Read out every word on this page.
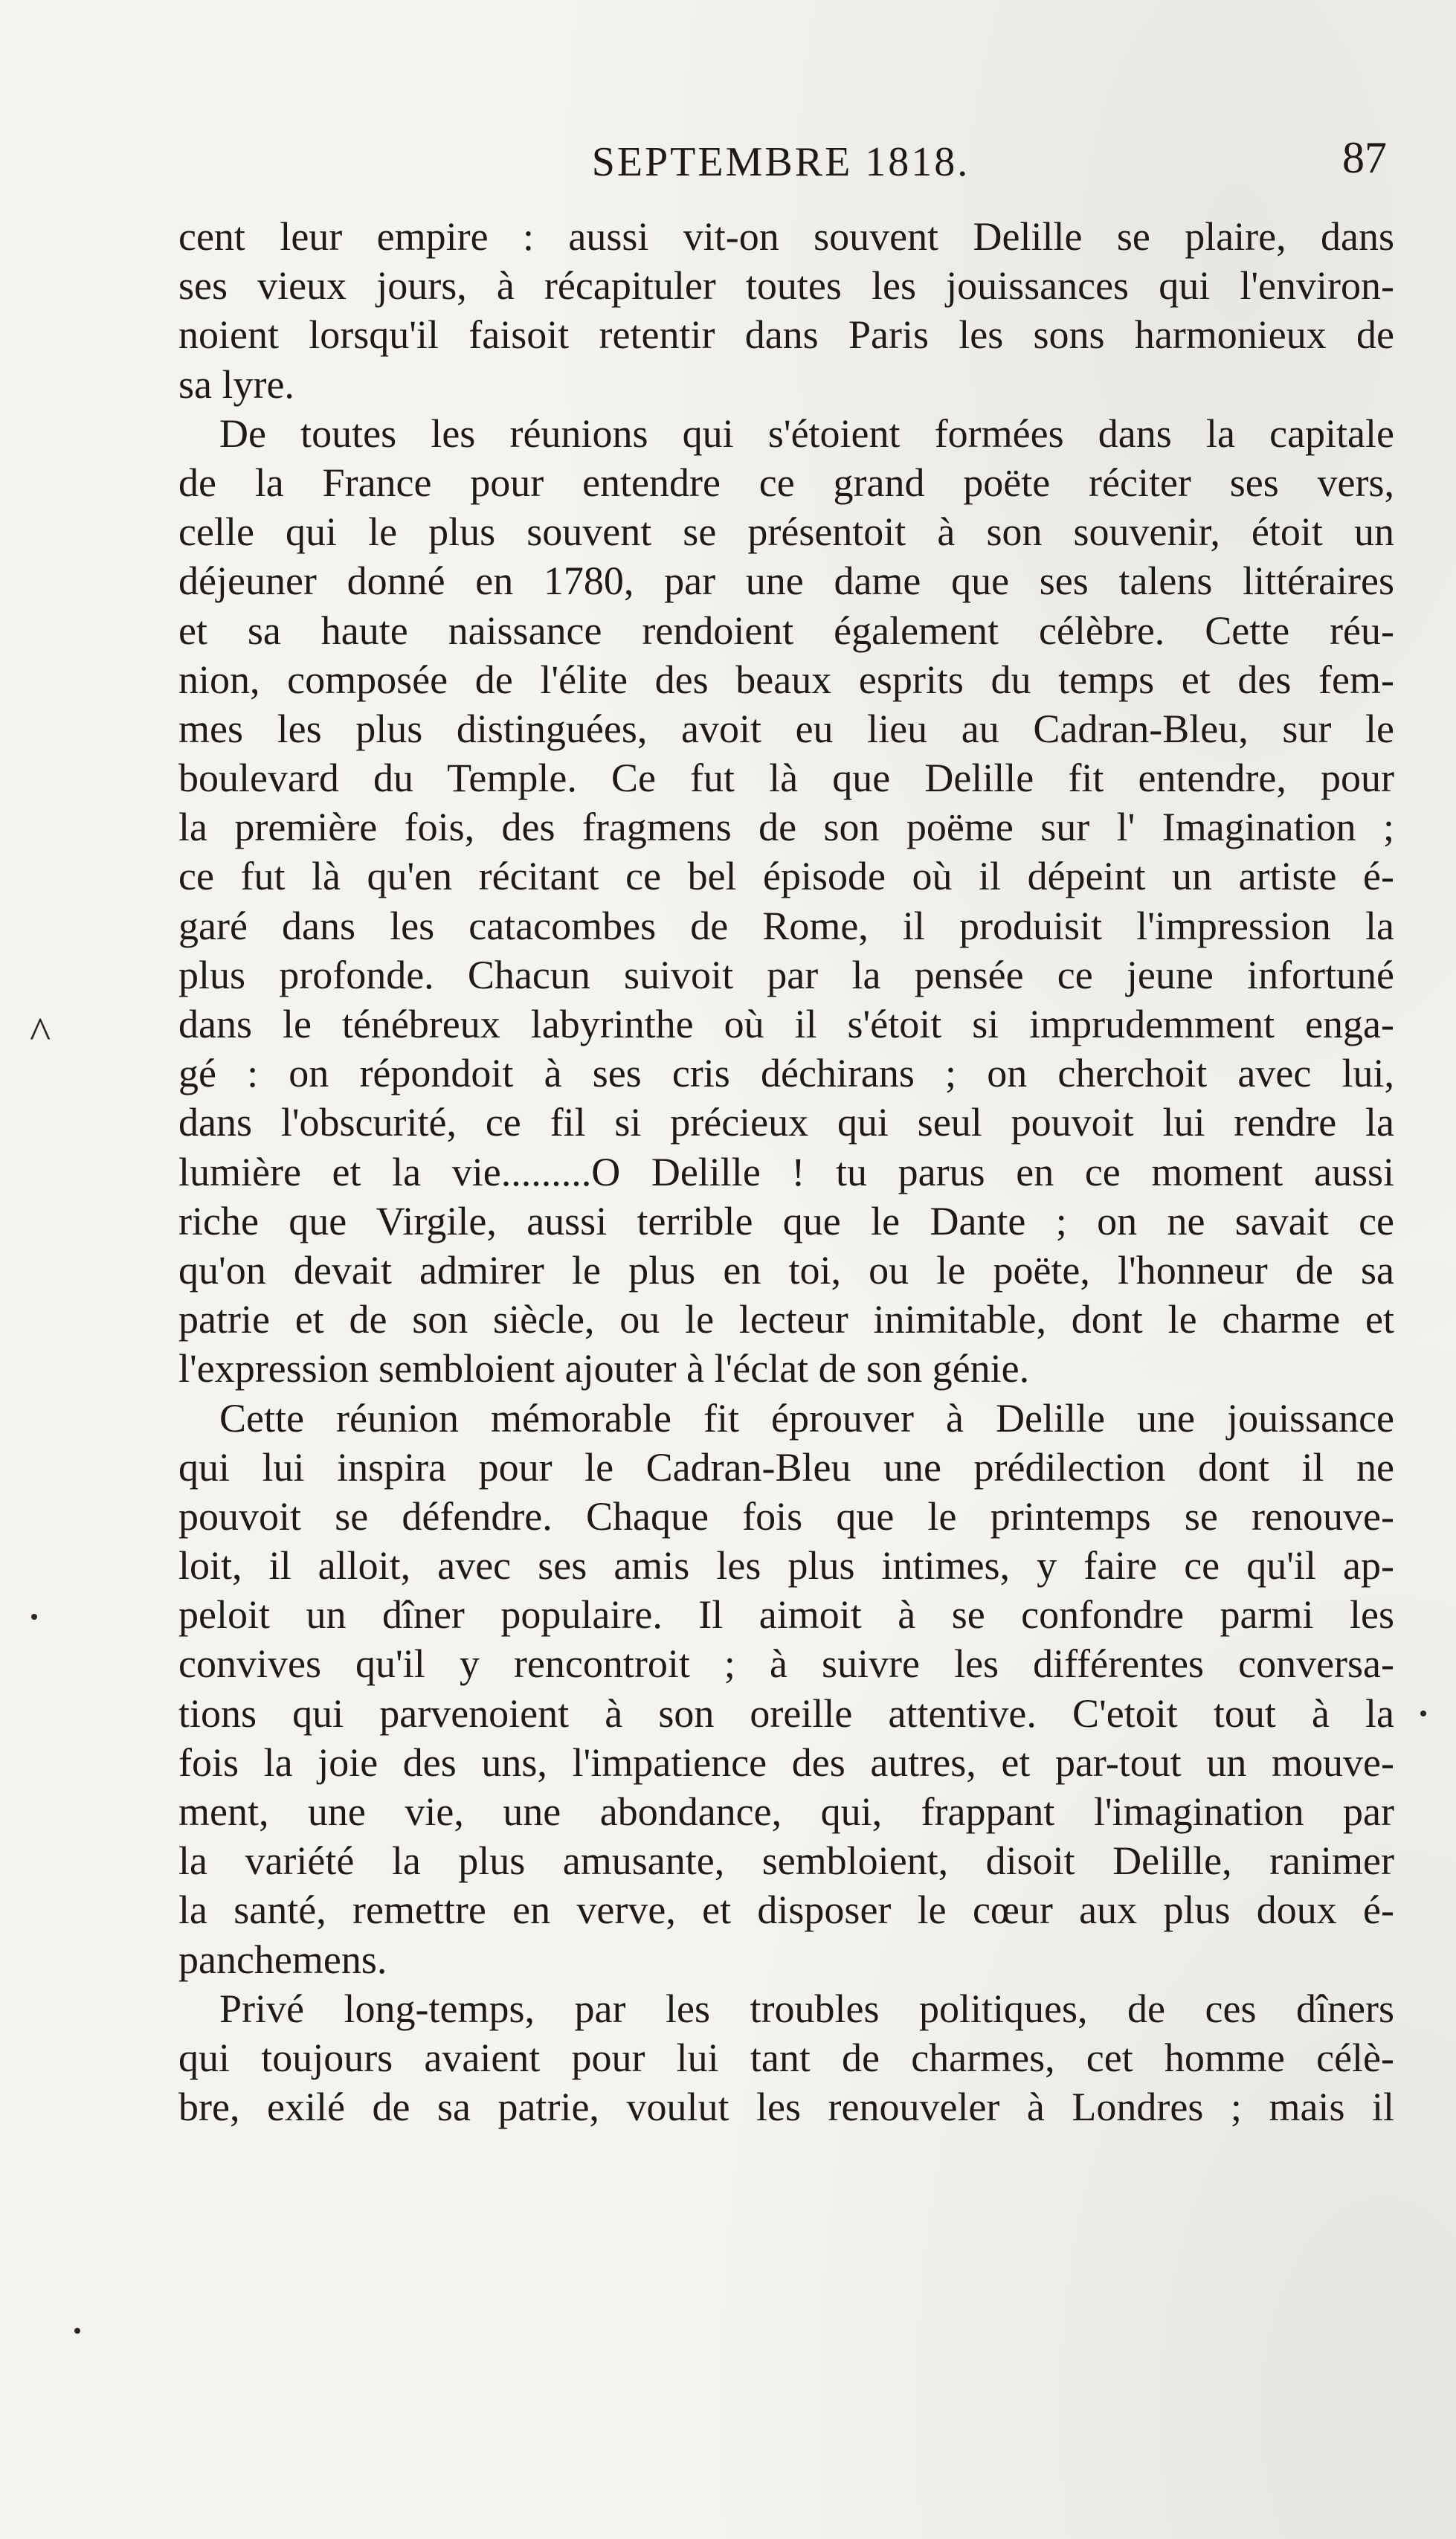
SEPTEMBRE 1818.	87
cent leur empire : aussi vit-on souvent Delille se plaire, dans
ses vieux jours, à récapituler toutes les jouissances qui l'environ-
noient lorsqu'il faisoit retentir dans Paris les sons harmonieux de
sa lyre.
De toutes les réunions qui s'étoient formées dans la capitale
de la France pour entendre ce grand poëte réciter ses vers,
celle qui le plus souvent se présentoit à son souvenir, étoit un
déjeuner donné en 1780, par une dame que ses talens littéraires
et sa haute naissance rendoient également célèbre. Cette réu-
nion, composée de l'élite des beaux esprits du temps et des fem-
mes les plus distinguées, avoit eu lieu au Cadran-Bleu, sur le
boulevard du Temple. Ce fut là que Delille fit entendre, pour
la première fois, des fragmens de son poëme sur l' Imagination ;
ce fut là qu'en récitant ce bel épisode où il dépeint un artiste é-
garé dans les catacombes de Rome, il produisit l'impression la
plus profonde. Chacun suivoit par la pensée ce jeune infortuné
dans le ténébreux labyrinthe où il s'étoit si imprudemment enga-
gé : on répondoit à ses cris déchirans ; on cherchoit avec lui,
dans l'obscurité, ce fil si précieux qui seul pouvoit lui rendre la
lumière et la vie.........O Delille ! tu parus en ce moment aussi
riche que Virgile, aussi terrible que le Dante ; on ne savait ce
qu'on devait admirer le plus en toi, ou le poëte, l'honneur de sa
patrie et de son siècle, ou le lecteur inimitable, dont le charme et
l'expression sembloient ajouter à l'éclat de son génie.
Cette réunion mémorable fit éprouver à Delille une jouissance
qui lui inspira pour le Cadran-Bleu une prédilection dont il ne
pouvoit se défendre. Chaque fois que le printemps se renouve-
loit, il alloit, avec ses amis les plus intimes, y faire ce qu'il ap-
peloit un dîner populaire. Il aimoit à se confondre parmi les
convives qu'il y rencontroit ; à suivre les différentes conversa-
tions qui parvenoient à son oreille attentive. C'etoit tout à la
fois la joie des uns, l'impatience des autres, et par-tout un mouve-
ment, une vie, une abondance, qui, frappant l'imagination par
la variété la plus amusante, sembloient, disoit Delille, ranimer
la santé, remettre en verve, et disposer le cœur aux plus doux é-
panchemens.
Privé long-temps, par les troubles politiques, de ces dîners
qui toujours avaient pour lui tant de charmes, cet homme célè-
bre, exilé de sa patrie, voulut les renouveler à Londres ; mais il
^
